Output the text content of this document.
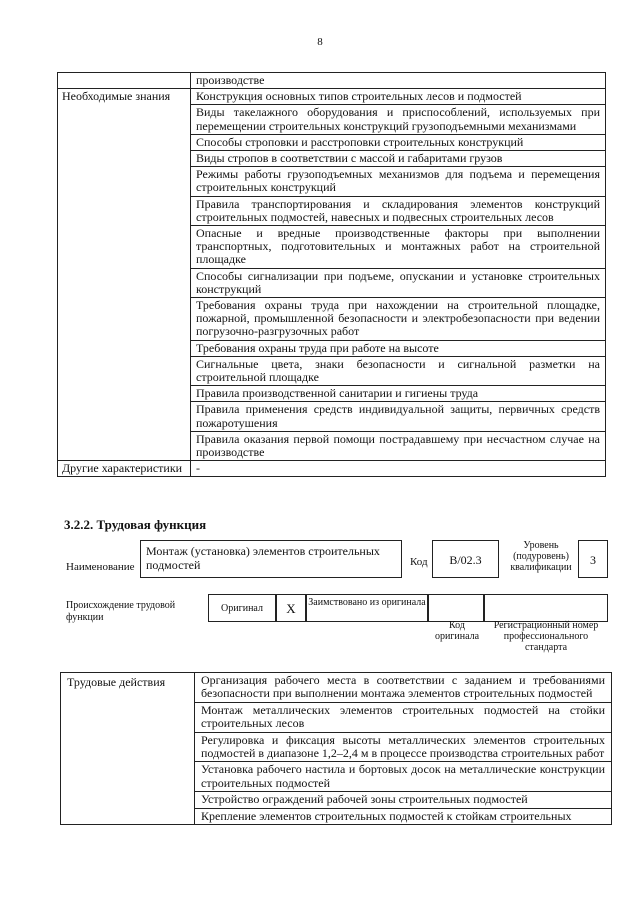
8
	производстве
Необходимые знания	Конструкция основных типов строительных лесов и подмостей
	Виды такелажного оборудования и приспособлений, используемых при перемещении строительных конструкций грузоподъемными механизмами
	Способы строповки и расстроповки строительных конструкций
	Виды стропов в соответствии с массой и габаритами грузов
	Режимы работы грузоподъемных механизмов для подъема и перемещения строительных конструкций
	Правила транспортирования и складирования элементов конструкций строительных подмостей, навесных и подвесных строительных лесов
	Опасные и вредные производственные факторы при выполнении транспортных, подготовительных и монтажных работ на строительной площадке
	Способы сигнализации при подъеме, опускании и установке строительных конструкций
	Требования охраны труда при нахождении на строительной площадке, пожарной, промышленной безопасности и электробезопасности при ведении погрузочно-разгрузочных работ
	Требования охраны труда при работе на высоте
	Сигнальные цвета, знаки безопасности и сигнальной разметки на строительной площадке
	Правила производственной санитарии и гигиены труда
	Правила применения средств индивидуальной защиты, первичных средств пожаротушения
	Правила оказания первой помощи пострадавшему при несчастном случае на производстве
Другие характеристики	-
3.2.2. Трудовая функция
Наименование
Монтаж (установка) элементов строительных подмостей	Код	B/02.3
Уровень (подуровень) квалификации
3
Происхождение трудовой функции
Оригинал	X	Заимствовано из оригинала
Код оригинала
Регистрационный номер профессионального стандарта
Трудовые действия	Организация рабочего места в соответствии с заданием и требованиями безопасности при выполнении монтажа элементов строительных подмостей
Монтаж металлических элементов строительных подмостей на стойки строительных лесов
Регулировка и фиксация высоты металлических элементов строительных подмостей в диапазоне 1,2–2,4 м в процессе производства строительных работ
Установка рабочего настила и бортовых досок на металлические конструкции строительных подмостей
Устройство ограждений рабочей зоны строительных подмостей
Крепление элементов строительных подмостей к стойкам строительных
